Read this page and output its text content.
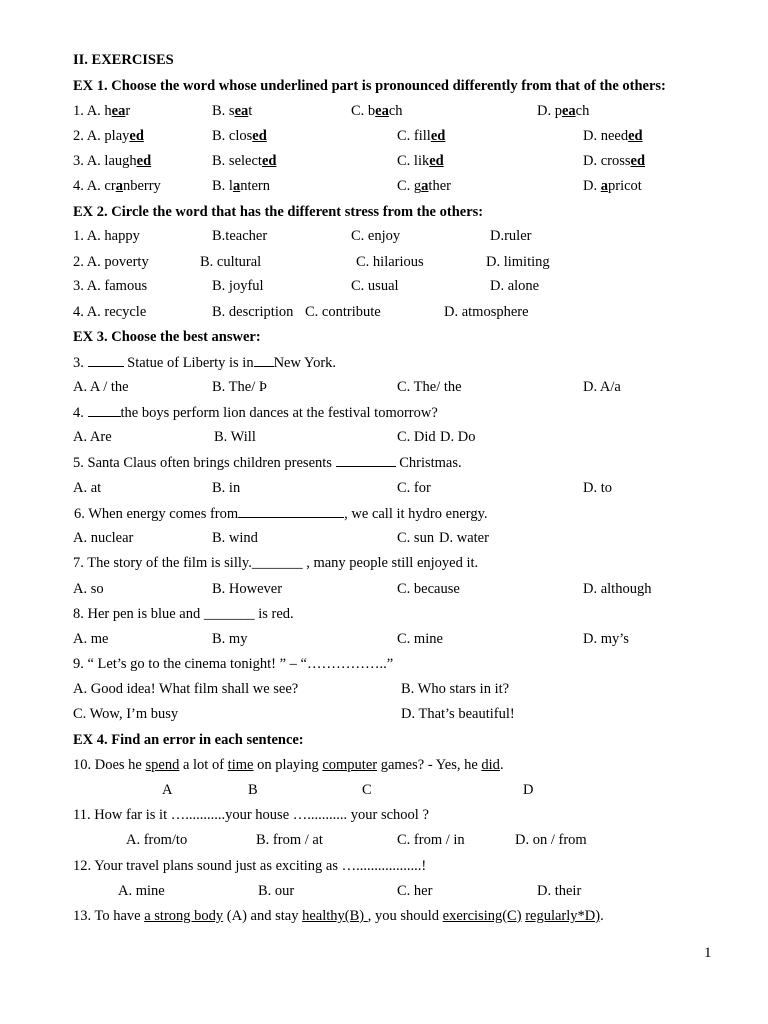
II. EXERCISES
EX 1. Choose the word whose underlined part is pronounced differently from that of the others:
1. A. hear	B. seat	C. beach	D. peach
2. A. played	B. closed	C. filled	D. needed
3. A. laughed	B. selected	C. liked	D. crossed
4. A. cranberry	B. lantern	C. gather	D. apricot
EX 2. Circle the word that has the different stress from the others:
1. A. happy	B.teacher	C. enjoy	D.ruler
2. A. poverty	B. cultural	C. hilarious	D. limiting
3. A. famous	B. joyful	C. usual	D. alone
4. A. recycle	B. description C. contribute	D. atmosphere
EX 3. Choose the best answer:
3.  Statue of Liberty is in New York.
A. A / the	B. The/ Þ	C. The/ the	D. A/a
4. the boys perform lion dances at the festival tomorrow?
A. Are	B. Will	C. Did D. Do
5. Santa Claus often brings children presents	Christmas.
A. at	B. in	C. for	D. to
6. When energy comes from	, we call it hydro energy.
A. nuclear	B. wind	C. sun D. water
7. The story of the film is silly._______ , many people still enjoyed it.
A. so	B. However	C. because	D. although
8. Her pen is blue and _______ is red.
A. me	B. my	C. mine	D. my’s
9. “ Let’s go to the cinema tonight! ” – “……………..”
A. Good idea! What film shall we see?	B. Who stars in it?
C. Wow, I’m busy	D. That’s beautiful!
EX 4. Find an error in each sentence:
10. Does he spend a lot of time on playing computer games? - Yes, he did.
A	B	C	D
11. How far is it …...........your house …........... your school ?
A. from/to	B. from / at	C. from / in	D. on / from
12. Your travel plans sound just as exciting as …..................!
A. mine	B. our	C. her	D. their
13. To have a strong body (A) and stay healthy(B) , you should exercising(C) regularly*D).
1
